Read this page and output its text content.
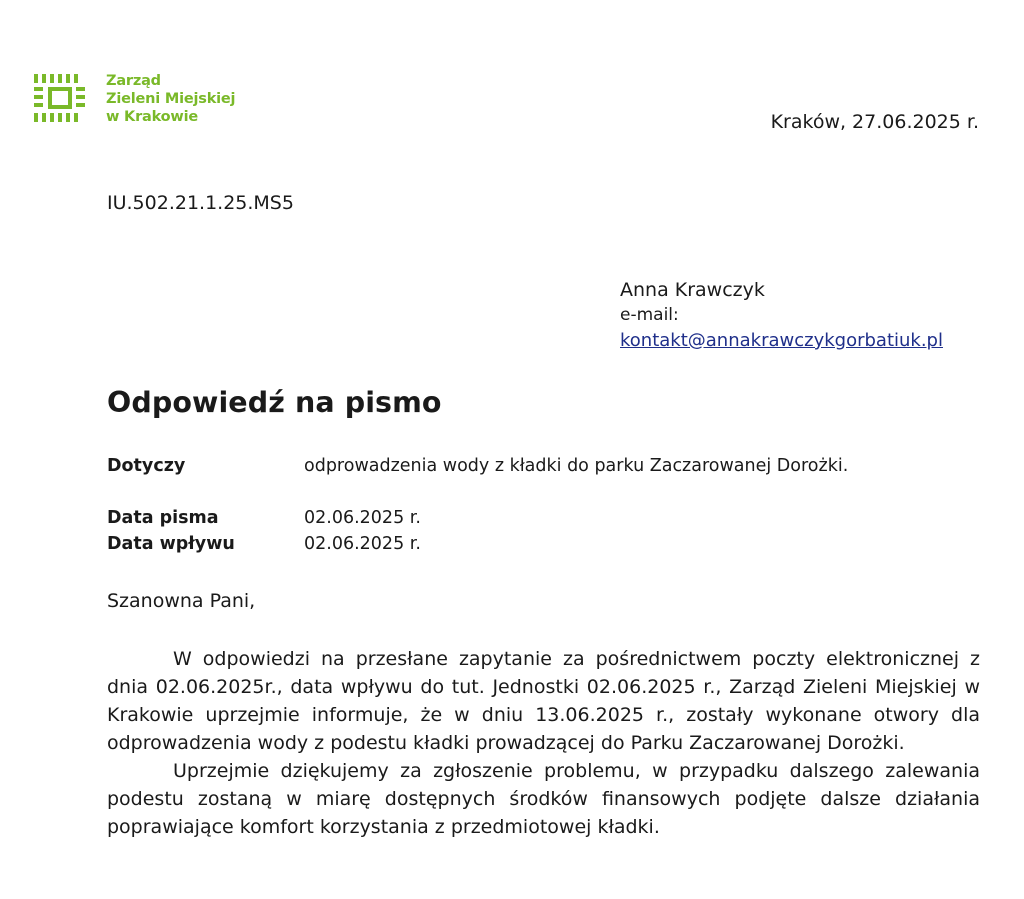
Zarząd
Zieleni Miejskiej
w Krakowie	Kraków, 27.06.2025 r.
IU.502.21.1.25.MS5
Anna Krawczyk
e-mail:
kontakt@annakrawczykgorbatiuk.pl
Odpowiedź na pismo
Dotyczy	odprowadzenia wody z kładki do parku Zaczarowanej Dorożki.
Data pisma	02.06.2025 r.
Data wpływu	02.06.2025 r.
Szanowna Pani,

W odpowiedzi na przesłane zapytanie za pośrednictwem poczty elektronicznej z dnia 02.06.2025r., data wpływu do tut. Jednostki 02.06.2025 r., Zarząd Zieleni Miejskiej w Krakowie uprzejmie informuje, że w dniu 13.06.2025 r., zostały wykonane otwory dla odprowadzenia wody z podestu kładki prowadzącej do Parku Zaczarowanej Dorożki.

Uprzejmie dziękujemy za zgłoszenie problemu, w przypadku dalszego zalewania podestu zostaną w miarę dostępnych środków finansowych podjęte dalsze działania poprawiające komfort korzystania z przedmiotowej kładki.
